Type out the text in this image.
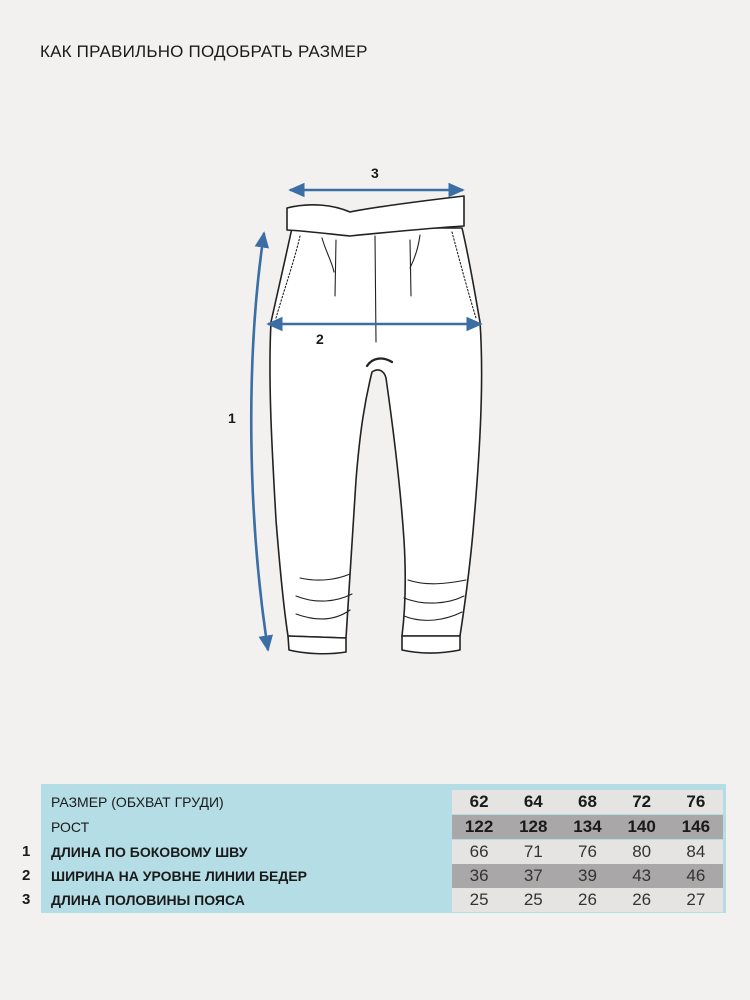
КАК ПРАВИЛЬНО ПОДОБРАТЬ РАЗМЕР
3
2
1
РАЗМЕР (ОБХВАТ ГРУДИ)	62	64	68	72	76
РОСТ	122	128	134	140	146
ДЛИНА ПО БОКОВОМУ ШВУ	66	71	76	80	84
ШИРИНА НА УРОВНЕ ЛИНИИ БЕДЕР	36	37	39	43	46
ДЛИНА ПОЛОВИНЫ ПОЯСА	25	25	26	26	27
1
2
3
